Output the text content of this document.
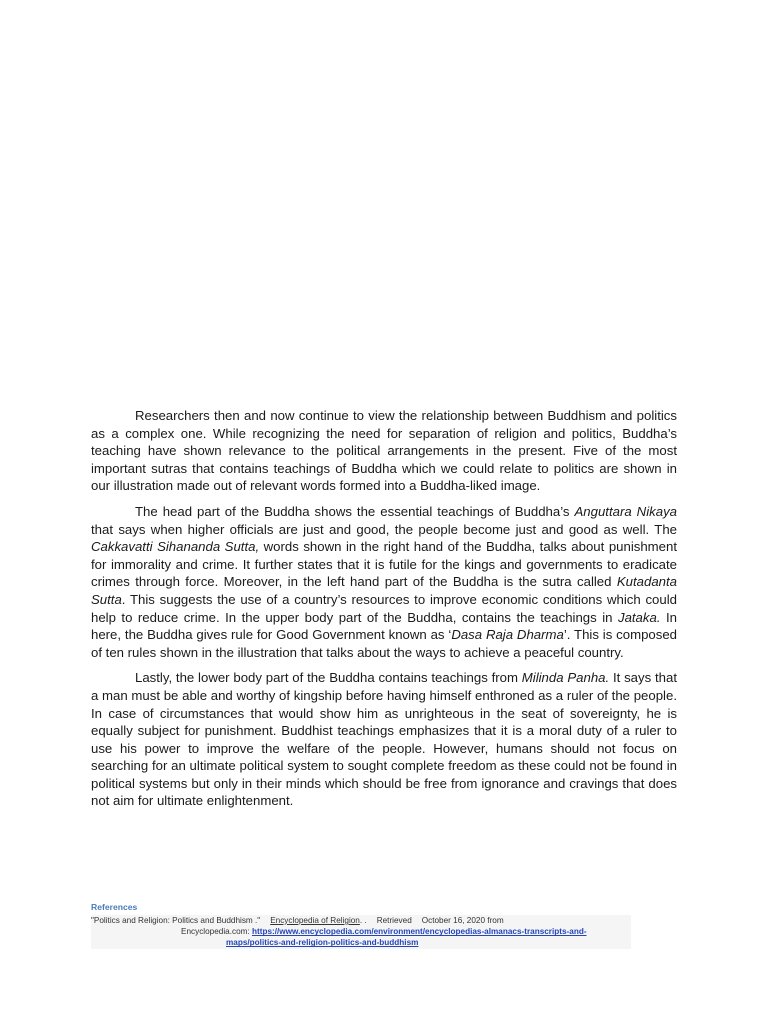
Researchers then and now continue to view the relationship between Buddhism and politics as a complex one. While recognizing the need for separation of religion and politics, Buddha’s teaching have shown relevance to the political arrangements in the present. Five of the most important sutras that contains teachings of Buddha which we could relate to politics are shown in our illustration made out of relevant words formed into a Buddha-liked image.

The head part of the Buddha shows the essential teachings of Buddha’s Anguttara Nikaya that says when higher officials are just and good, the people become just and good as well. The Cakkavatti Sihananda Sutta, words shown in the right hand of the Buddha, talks about punishment for immorality and crime. It further states that it is futile for the kings and governments to eradicate crimes through force. Moreover, in the left hand part of the Buddha is the sutra called Kutadanta Sutta. This suggests the use of a country’s resources to improve economic conditions which could help to reduce crime. In the upper body part of the Buddha, contains the teachings in Jataka. In here, the Buddha gives rule for Good Government known as ‘Dasa Raja Dharma’. This is composed of ten rules shown in the illustration that talks about the ways to achieve a peaceful country.

Lastly, the lower body part of the Buddha contains teachings from Milinda Panha. It says that a man must be able and worthy of kingship before having himself enthroned as a ruler of the people. In case of circumstances that would show him as unrighteous in the seat of sovereignty, he is equally subject for punishment. Buddhist teachings emphasizes that it is a moral duty of a ruler to use his power to improve the welfare of the people. However, humans should not focus on searching for an ultimate political system to sought complete freedom as these could not be found in political systems but only in their minds which should be free from ignorance and cravings that does not aim for ultimate enlightenment.

References
"Politics and Religion: Politics and Buddhism ." Encyclopedia of Religion. . Retrieved October 16, 2020 from
Encyclopedia.com: https://www.encyclopedia.com/environment/encyclopedias-almanacs-transcripts-and-
maps/politics-and-religion-politics-and-buddhism
